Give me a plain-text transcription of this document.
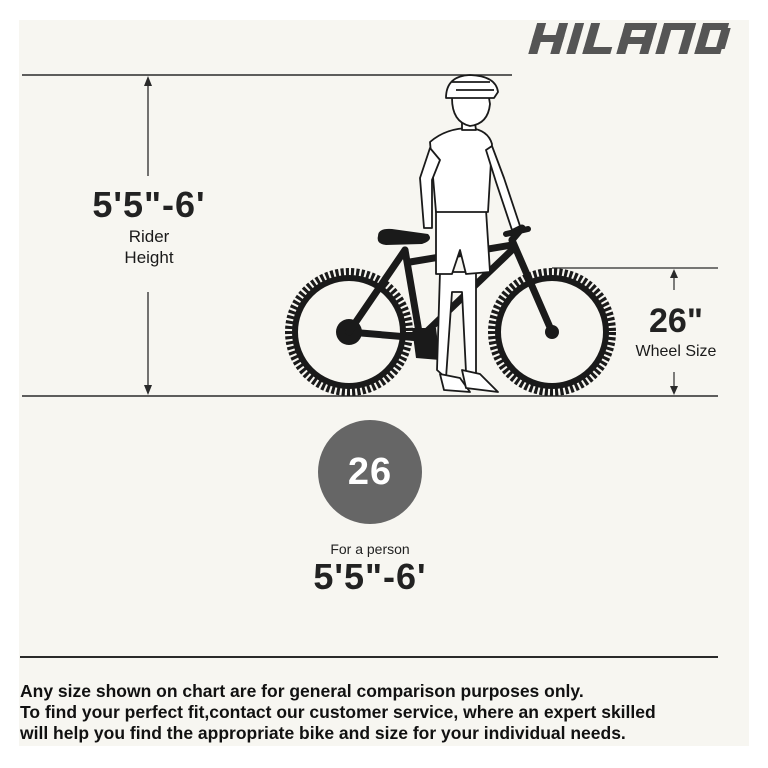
5'5"-6'
Rider
Height
26"
Wheel Size
26
For a person
5'5"-6'
Any size shown on chart are for general comparison purposes only.
To find your perfect fit,contact our customer service, where an expert skilled
will help you find the appropriate bike and size for your individual needs.
